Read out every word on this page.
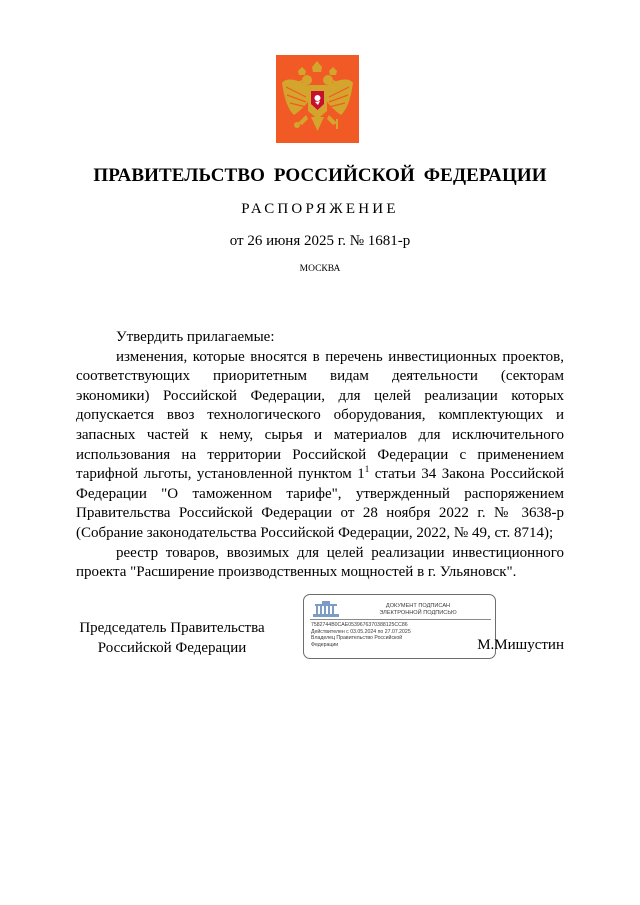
ПРАВИТЕЛЬСТВО РОССИЙСКОЙ ФЕДЕРАЦИИ
РАСПОРЯЖЕНИЕ
от 26 июня 2025 г. № 1681-р
МОСКВА

Утвердить прилагаемые:

изменения, которые вносятся в перечень инвестиционных проектов, соответствующих приоритетным видам деятельности (секторам экономики) Российской Федерации, для целей реализации которых допускается ввоз технологического оборудования, комплектующих и запасных частей к нему, сырья и материалов для исключительного использования на территории Российской Федерации с применением тарифной льготы, установленной пунктом $1^1$ статьи 34 Закона Российской Федерации "О таможенном тарифе", утвержденный распоряжением Правительства Российской Федерации от 28 ноября 2022 г. № 3638-р (Собрание законодательства Российской Федерации, 2022, № 49, ст. 8714);

реестр товаров, ввозимых для целей реализации инвестиционного проекта "Расширение производственных мощностей в г. Ульяновск".

Председатель Правительства
Российской Федерации
ДОКУМЕНТ ПОДПИСАН
ЭЛЕКТРОННОЙ ПОДПИСЬЮ
7582744B0CAE0539676370388125CC86
Действителен с 03.05.2024 по 27.07.2025
Владелец Правительство Российской
Федерации	М.Мишустин
